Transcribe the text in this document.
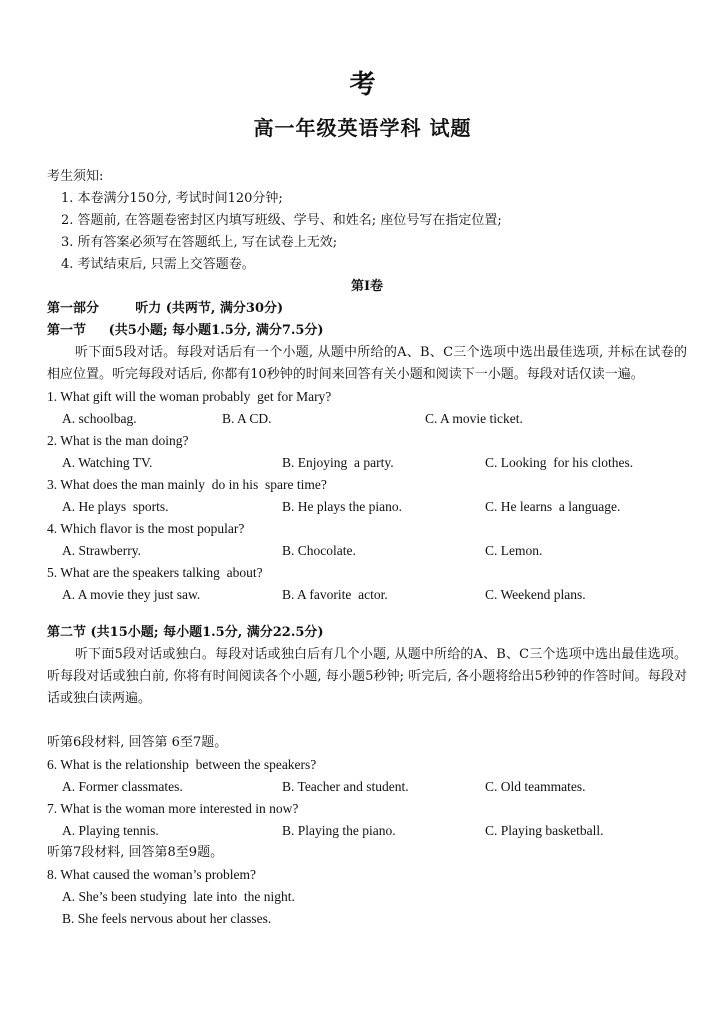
考
高一年级英语学科 试题
考生须知:
1. 本卷满分150分, 考试时间120分钟;
2. 答题前, 在答题卷密封区内填写班级、学号、和姓名; 座位号写在指定位置;
3. 所有答案必须写在答题纸上, 写在试卷上无效;
4. 考试结束后, 只需上交答题卷。
第Ⅰ卷
第一部分        听力 (共两节, 满分30分)
第一节     (共5小题; 每小题1.5分, 满分7.5分)
听下面5段对话。每段对话后有一个小题, 从题中所给的A、B、C三个选项中选出最佳选项, 并标在试卷的相应位置。听完每段对话后, 你都有10秒钟的时间来回答有关小题和阅读下一小题。每段对话仅读一遍。
1. What gift will the woman probably  get for Mary?
A. schoolbag.	B. A CD.	C. A movie ticket.
2. What is the man doing?
A. Watching TV.	B. Enjoying  a party.	C. Looking  for his clothes.
3. What does the man mainly  do in his  spare time?
A. He plays  sports.	B. He plays the piano.	C. He learns  a language.
4. Which flavor is the most popular?
A. Strawberry.	B. Chocolate.	C. Lemon.
5. What are the speakers talking  about?
A. A movie they just saw.	B. A favorite  actor.	C. Weekend plans.
第二节 (共15小题; 每小题1.5分, 满分22.5分)
听下面5段对话或独白。每段对话或独白后有几个小题, 从题中所给的A、B、C三个选项中选出最佳选项。听每段对话或独白前, 你将有时间阅读各个小题, 每小题5秒钟; 听完后, 各小题将给出5秒钟的作答时间。每段对话或独白读两遍。
听第6段材料, 回答第 6至7题。
6. What is the relationship  between the speakers?
A. Former classmates.	B. Teacher and student.	C. Old teammates.
7. What is the woman more interested in now?
A. Playing tennis.	B. Playing the piano.	C. Playing basketball.
听第7段材料, 回答第8至9题。
8. What caused the woman’s problem?
A. She’s been studying  late into  the night.
B. She feels nervous about her classes.
